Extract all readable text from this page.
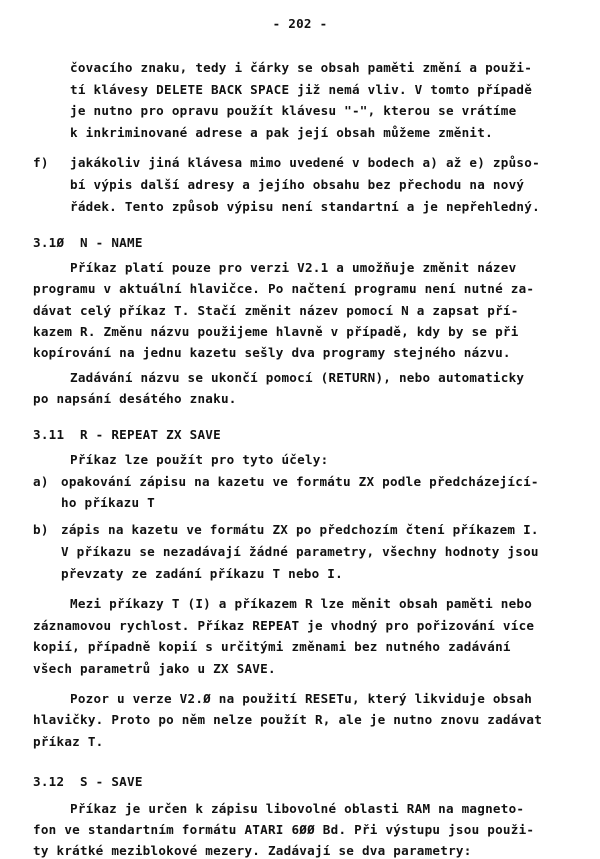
- 202 -
čovacího znaku, tedy i čárky se obsah paměti změní a použi-
tí klávesy DELETE BACK SPACE již nemá vliv. V tomto případě
je nutno pro opravu použít klávesu "-", kterou se vrátíme
k inkriminované adrese a pak její obsah můžeme změnit.
f) jakákoliv jiná klávesa mimo uvedené v bodech a) až e) způso-
bí výpis další adresy a jejího obsahu bez přechodu na nový
řádek. Tento způsob výpisu není standartní a je nepřehledný.
3.1Ø  N - NAME
Příkaz platí pouze pro verzi V2.1 a umožňuje změnit název
programu v aktuální hlavičce. Po načtení programu není nutné za-
dávat celý příkaz T. Stačí změnit název pomocí N a zapsat pří-
kazem R. Změnu názvu použijeme hlavně v případě, kdy by se při
kopírování na jednu kazetu sešly dva programy stejného názvu.
Zadávání názvu se ukončí pomocí (RETURN), nebo automaticky
po napsání desátého znaku.
3.11  R - REPEAT ZX SAVE
Příkaz lze použít pro tyto účely:
a) opakování zápisu na kazetu ve formátu ZX podle předcházející-
ho příkazu T
b) zápis na kazetu ve formátu ZX po předchozím čtení příkazem I.
V příkazu se nezadávají žádné parametry, všechny hodnoty jsou
převzaty ze zadání příkazu T nebo I.
Mezi příkazy T (I) a příkazem R lze měnit obsah paměti nebo
záznamovou rychlost. Příkaz REPEAT je vhodný pro pořizování více
kopií, případně kopií s určitými změnami bez nutného zadávání
všech parametrů jako u ZX SAVE.
Pozor u verze V2.Ø na použití RESETu, který likviduje obsah
hlavičky. Proto po něm nelze použít R, ale je nutno znovu zadávat
příkaz T.
3.12  S - SAVE
Příkaz je určen k zápisu libovolné oblasti RAM na magneto-
fon ve standartním formátu ATARI 6ØØ Bd. Při výstupu jsou použi-
ty krátké meziblokové mezery. Zadávají se dva parametry:
